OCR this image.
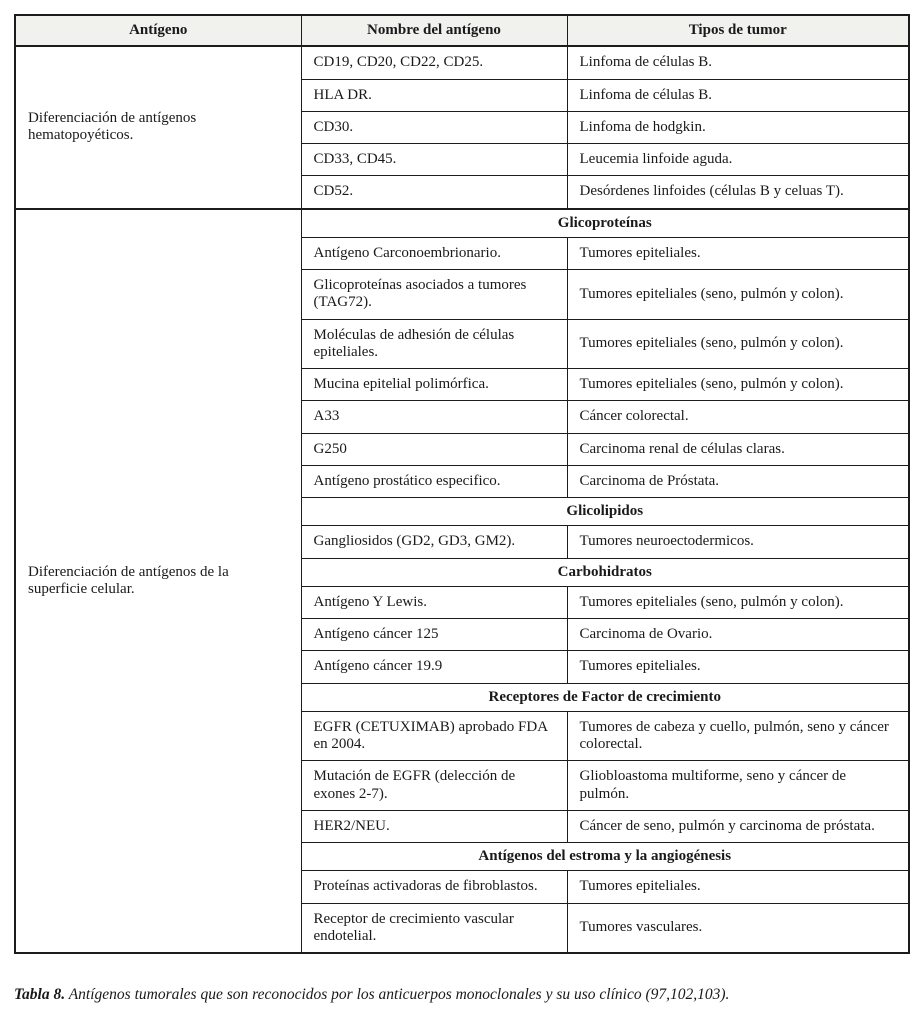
Antígeno	Nombre del antígeno	Tipos de tumor
Diferenciación de antígenos hematopoyéticos.	CD19, CD20, CD22, CD25.	Linfoma de células B.
	HLA DR.	Linfoma de células B.
	CD30.	Linfoma de hodgkin.
	CD33, CD45.	Leucemia linfoide aguda.
	CD52.	Desórdenes linfoides (células B y celuas T).
Diferenciación de antígenos de la superficie celular.	Glicoproteínas	
	Antígeno Carconoembrionario.	Tumores epiteliales.
	Glicoproteínas asociados a tumores (TAG72).	Tumores epiteliales (seno, pulmón y colon).
	Moléculas de adhesión de células epiteliales.	Tumores epiteliales (seno, pulmón y colon).
	Mucina epitelial polimórfica.	Tumores epiteliales (seno, pulmón y colon).
	A33	Cáncer colorectal.
	G250	Carcinoma renal de células claras.
	Antígeno prostático especifico.	Carcinoma de Próstata.
	Glicolipidos	
	Gangliosidos (GD2, GD3, GM2).	Tumores neuroectodermicos.
	Carbohidratos	
	Antígeno Y Lewis.	Tumores epiteliales (seno, pulmón y colon).
	Antígeno cáncer 125	Carcinoma de Ovario.
	Antígeno cáncer 19.9	Tumores epiteliales.
	Receptores de Factor de crecimiento	
	EGFR (CETUXIMAB) aprobado FDA en 2004.	Tumores de cabeza y cuello, pulmón, seno y cáncer colorectal.
	Mutación de EGFR (delección de exones 2-7).	Gliobloastoma multiforme, seno y cáncer de pulmón.
	HER2/NEU.	Cáncer de seno, pulmón y carcinoma de próstata.
	Antígenos del estroma y la angiogénesis	
	Proteínas activadoras de fibroblastos.	Tumores epiteliales.
	Receptor de crecimiento vascular endotelial.	Tumores vasculares.

Tabla 8. Antígenos tumorales que son reconocidos por los anticuerpos monoclonales y su uso clínico (97,102,103).
